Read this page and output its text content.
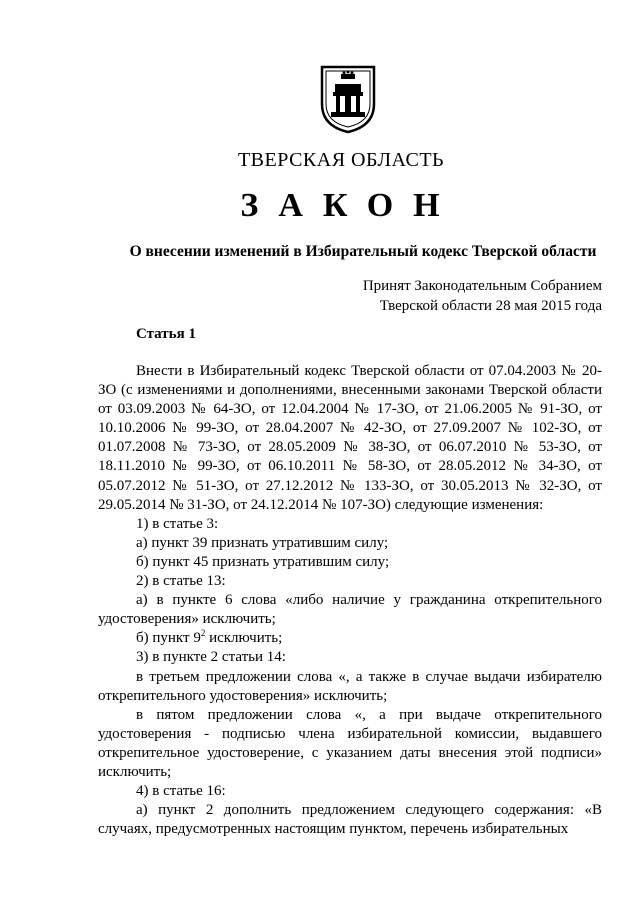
ТВЕРСКАЯ ОБЛАСТЬ
ЗАКОН
О внесении изменений в Избирательный кодекс Тверской области
Принят Законодательным Собранием
Тверской области 28 мая 2015 года
Статья 1

Внести в Избирательный кодекс Тверской области от 07.04.2003 № 20-ЗО (с изменениями и дополнениями, внесенными законами Тверской области от 03.09.2003 № 64-ЗО, от 12.04.2004 № 17-ЗО, от 21.06.2005 № 91-ЗО, от 10.10.2006 № 99-ЗО, от 28.04.2007 № 42-ЗО, от 27.09.2007 № 102-ЗО, от 01.07.2008 № 73-ЗО, от 28.05.2009 № 38-ЗО, от 06.07.2010 № 53-ЗО, от 18.11.2010 № 99-ЗО, от 06.10.2011 № 58-ЗО, от 28.05.2012 № 34-ЗО, от 05.07.2012 № 51-ЗО, от 27.12.2012 № 133-ЗО, от 30.05.2013 № 32-ЗО, от 29.05.2014 № 31-ЗО, от 24.12.2014 № 107-ЗО) следующие изменения:

1) в статье 3:

а) пункт 39 признать утратившим силу;

б) пункт 45 признать утратившим силу;

2) в статье 13:

а) в пункте 6 слова «либо наличие у гражданина открепительного удостоверения» исключить;

б) пункт $9^2$ исключить;

3) в пункте 2 статьи 14:

в третьем предложении слова «, а также в случае выдачи избирателю открепительного удостоверения» исключить;

в пятом предложении слова «, а при выдаче открепительного удостоверения - подписью члена избирательной комиссии, выдавшего открепительное удостоверение, с указанием даты внесения этой подписи» исключить;

4) в статье 16:

а) пункт 2 дополнить предложением следующего содержания: «В случаях, предусмотренных настоящим пунктом, перечень избирательных
